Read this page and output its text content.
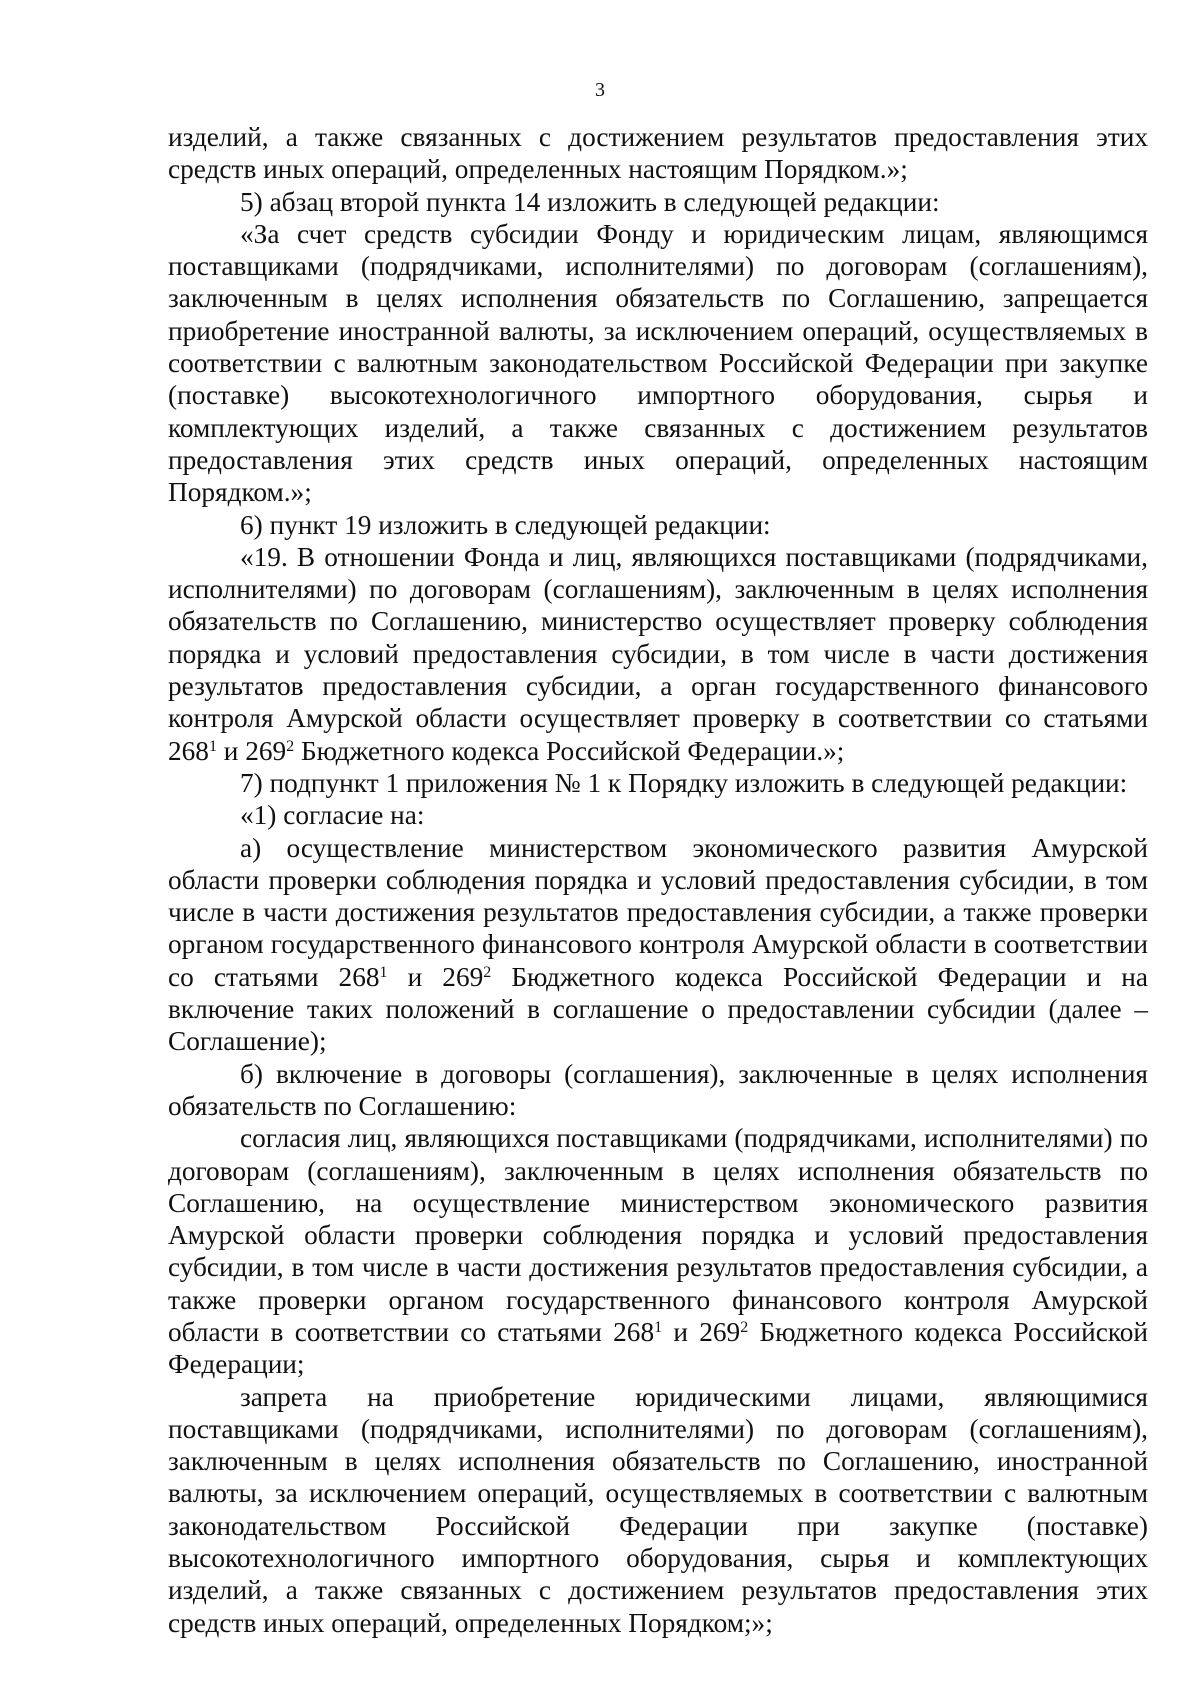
3

изделий, а также связанных с достижением результатов предоставления этих средств иных операций, определенных настоящим Порядком.»;

5) абзац второй пункта 14 изложить в следующей редакции:

«За счет средств субсидии Фонду и юридическим лицам, являющимся поставщиками (подрядчиками, исполнителями) по договорам (соглашениям), заключенным в целях исполнения обязательств по Соглашению, запрещается приобретение иностранной валюты, за исключением операций, осуществляемых в соответствии с валютным законодательством Российской Федерации при закупке (поставке) высокотехнологичного импортного оборудования, сырья и комплектующих изделий, а также связанных с достижением результатов предоставления этих средств иных операций, определенных настоящим Порядком.»;

6) пункт 19 изложить в следующей редакции:

«19. В отношении Фонда и лиц, являющихся поставщиками (подрядчиками, исполнителями) по договорам (соглашениям), заключенным в целях исполнения обязательств по Соглашению, министерство осуществляет проверку соблюдения порядка и условий предоставления субсидии, в том числе в части достижения результатов предоставления субсидии, а орган государственного финансового контроля Амурской области осуществляет проверку в соответствии со статьями $268^1$ и $269^2$ Бюджетного кодекса Российской Федерации.»;

7) подпункт 1 приложения № 1 к Порядку изложить в следующей редакции:

«1) согласие на:

а) осуществление министерством экономического развития Амурской области проверки соблюдения порядка и условий предоставления субсидии, в том числе в части достижения результатов предоставления субсидии, а также проверки органом государственного финансового контроля Амурской области в соответствии со статьями $268^1$ и $269^2$ Бюджетного кодекса Российской Федерации и на включение таких положений в соглашение о предоставлении субсидии (далее – Соглашение);

б) включение в договоры (соглашения), заключенные в целях исполнения обязательств по Соглашению:

согласия лиц, являющихся поставщиками (подрядчиками, исполнителями) по договорам (соглашениям), заключенным в целях исполнения обязательств по Соглашению, на осуществление министерством экономического развития Амурской области проверки соблюдения порядка и условий предоставления субсидии, в том числе в части достижения результатов предоставления субсидии, а также проверки органом государственного финансового контроля Амурской области в соответствии со статьями $268^1$ и $269^2$ Бюджетного кодекса Российской Федерации;

запрета на приобретение юридическими лицами, являющимися поставщиками (подрядчиками, исполнителями) по договорам (соглашениям), заключенным в целях исполнения обязательств по Соглашению, иностранной валюты, за исключением операций, осуществляемых в соответствии с валютным законодательством Российской Федерации при закупке (поставке) высокотехнологичного импортного оборудования, сырья и комплектующих изделий, а также связанных с достижением результатов предоставления этих средств иных операций, определенных Порядком;»;
